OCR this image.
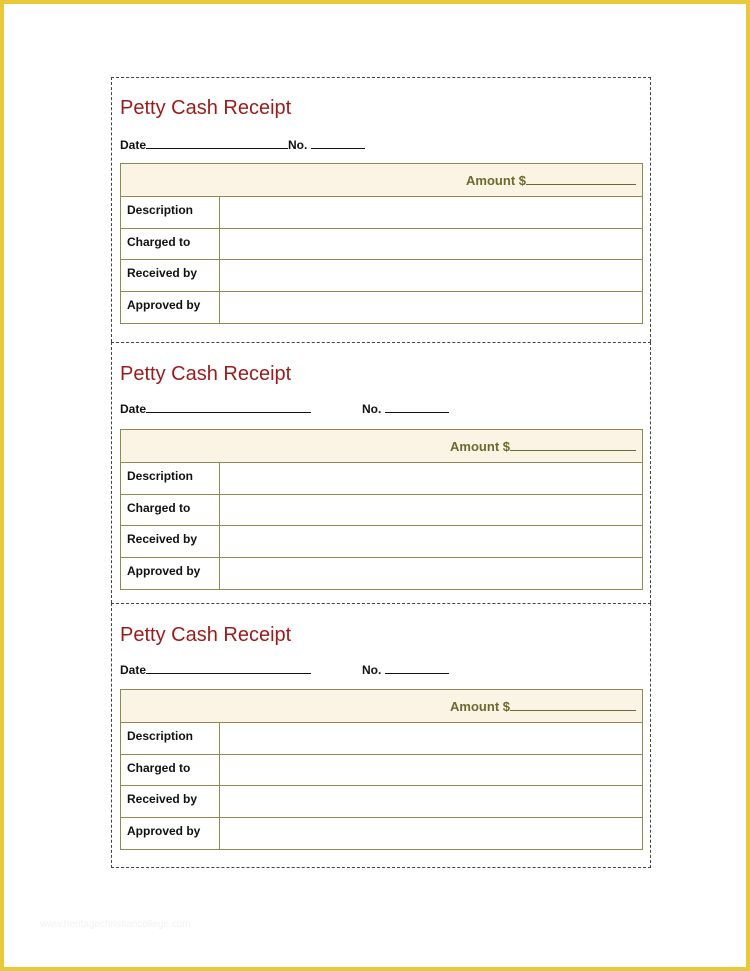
Petty Cash Receipt
Date	No.
Amount $
Description
Charged to
Received by
Approved by
Petty Cash Receipt
Date	No.
Amount $
Description
Charged to
Received by
Approved by
Petty Cash Receipt
Date	No.
Amount $
Description
Charged to
Received by
Approved by
www.heritagechristiancollege.com
